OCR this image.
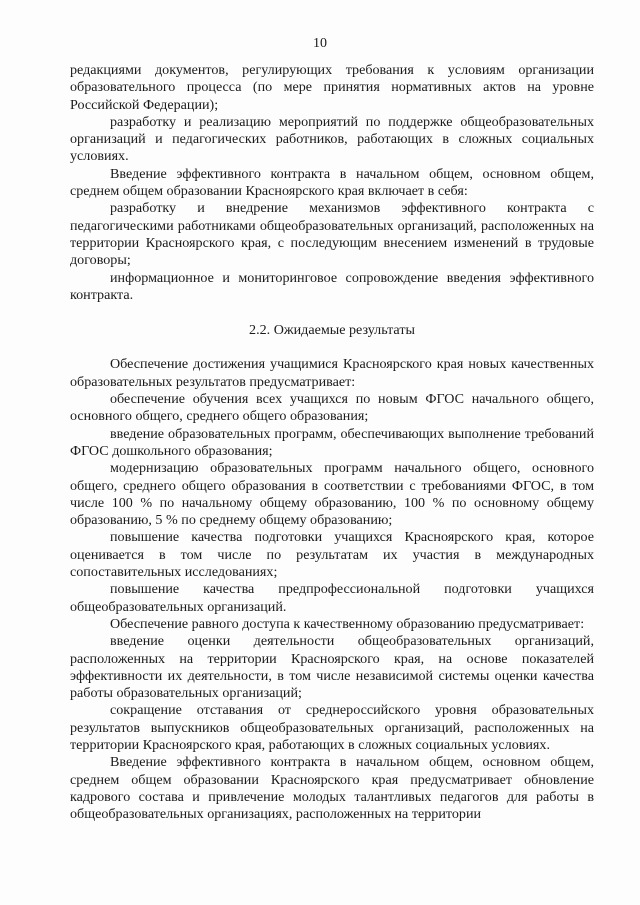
10

редакциями документов, регулирующих требования к условиям организации образовательного процесса (по мере принятия нормативных актов на уровне Российской Федерации);

разработку и реализацию мероприятий по поддержке общеобразовательных организаций и педагогических работников, работающих в сложных социальных условиях.

Введение эффективного контракта в начальном общем, основном общем, среднем общем образовании Красноярского края включает в себя:

разработку и внедрение механизмов эффективного контракта с педагогическими работниками общеобразовательных организаций, расположенных на территории Красноярского края, с последующим внесением изменений в трудовые договоры;

информационное и мониторинговое сопровождение введения эффективного контракта.

2.2. Ожидаемые результаты

Обеспечение достижения учащимися Красноярского края новых качественных образовательных результатов предусматривает:

обеспечение обучения всех учащихся по новым ФГОС начального общего, основного общего, среднего общего образования;

введение образовательных программ, обеспечивающих выполнение требований ФГОС дошкольного образования;

модернизацию образовательных программ начального общего, основного общего, среднего общего образования в соответствии с требованиями ФГОС, в том числе 100 % по начальному общему образованию, 100 % по основному общему образованию, 5 % по среднему общему образованию;

повышение качества подготовки учащихся Красноярского края, которое оценивается в том числе по результатам их участия в международных сопоставительных исследованиях;

повышение качества предпрофессиональной подготовки учащихся общеобразовательных организаций.

Обеспечение равного доступа к качественному образованию предусматривает:

введение оценки деятельности общеобразовательных организаций, расположенных на территории Красноярского края, на основе показателей эффективности их деятельности, в том числе независимой системы оценки качества работы образовательных организаций;

сокращение отставания от среднероссийского уровня образовательных результатов выпускников общеобразовательных организаций, расположенных на территории Красноярского края, работающих в сложных социальных условиях.

Введение эффективного контракта в начальном общем, основном общем, среднем общем образовании Красноярского края предусматривает обновление кадрового состава и привлечение молодых талантливых педагогов для работы в общеобразовательных организациях, расположенных на территории
